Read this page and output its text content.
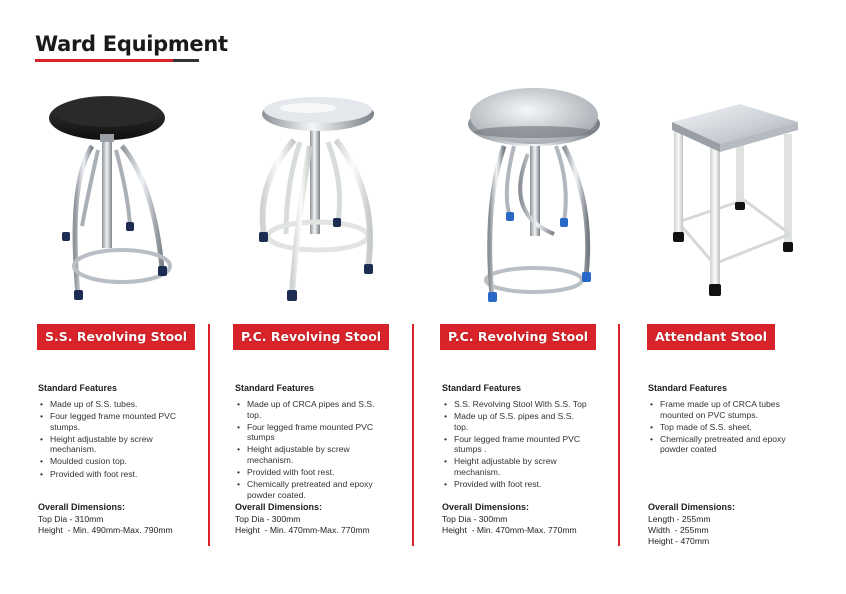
Ward Equipment
S.S. Revolving Stool
Standard Features
• Made up of S.S. tubes.
• Four legged frame mounted PVC stumps.
• Height adjustable by screw mechanism.
• Moulded cusion top.
• Provided with foot rest.
Overall Dimensions:
Top Dia - 310mm
Height  - Min. 490mm-Max. 790mm
P.C. Revolving Stool
Standard Features
• Made up of CRCA pipes and S.S. top.
• Four legged frame mounted PVC stumps
• Height adjustable by screw mechanism.
• Provided with foot rest.
• Chemically pretreated and epoxy powder coated.
Overall Dimensions:
Top Dia - 300mm
Height  - Min. 470mm-Max. 770mm
P.C. Revolving Stool
Standard Features
• S.S. Revolving Stool With S.S. Top
• Made up of S.S. pipes and S.S. top.
• Four legged frame mounted PVC stumps .
• Height adjustable by screw mechanism.
• Provided with foot rest.
Overall Dimensions:
Top Dia - 300mm
Height  - Min. 470mm-Max. 770mm
Attendant Stool
Standard Features
• Frame made up of CRCA tubes mounted on PVC stumps.
• Top made of S.S. sheet.
• Chemically pretreated and epoxy powder coated
Overall Dimensions:
Length - 255mm
Width  - 255mm
Height - 470mm
